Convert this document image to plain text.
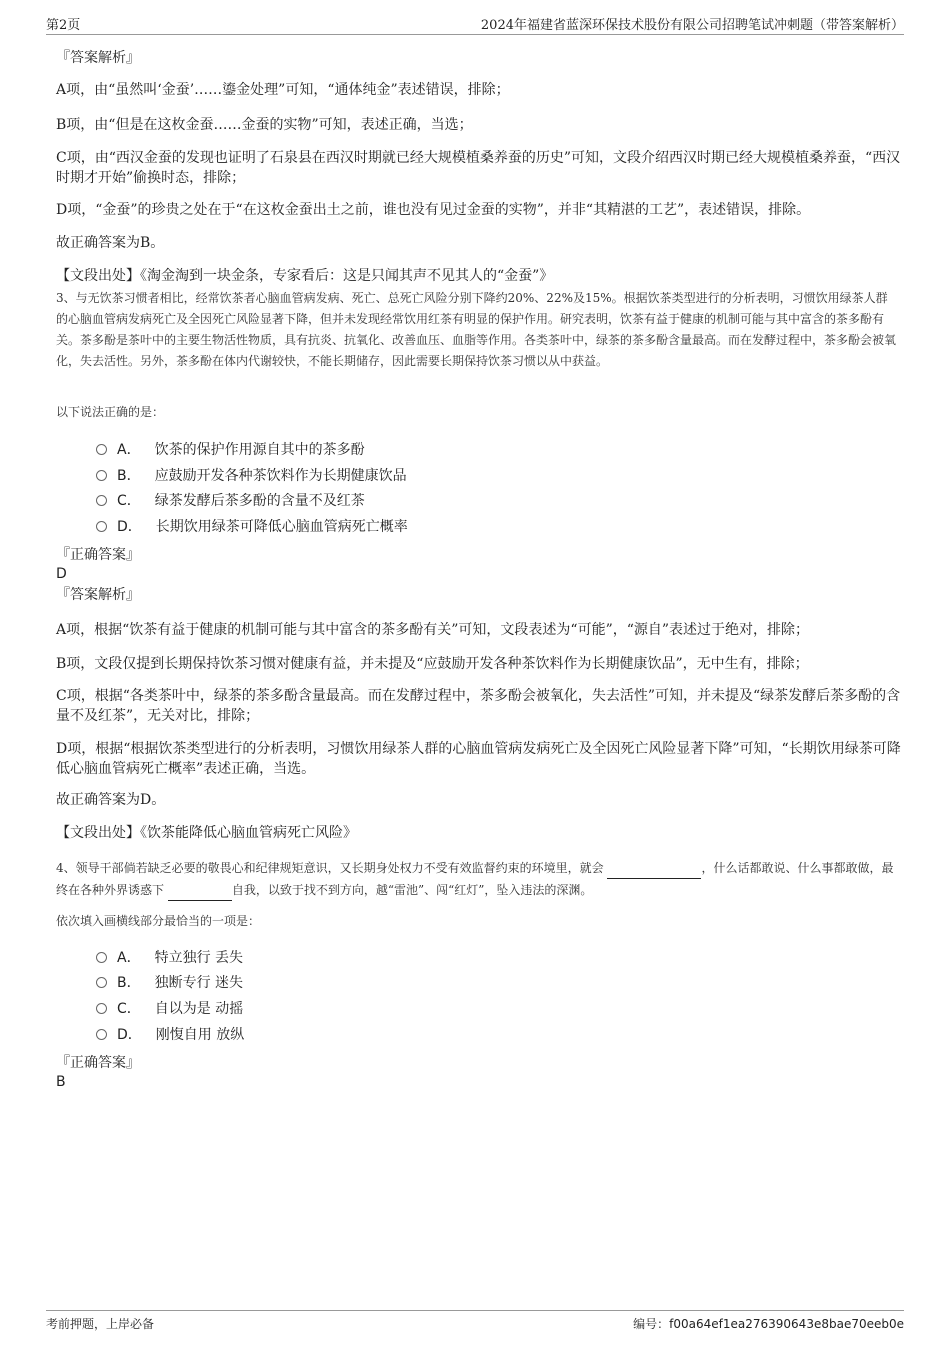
第2页	2024年福建省蓝深环保技术股份有限公司招聘笔试冲刺题（带答案解析）
『答案解析』
A项，由“虽然叫‘金蚕’……鎏金处理”可知，“通体纯金”表述错误，排除；
B项，由“但是在这枚金蚕……金蚕的实物”可知，表述正确，当选；
C项，由“西汉金蚕的发现也证明了石泉县在西汉时期就已经大规模植桑养蚕的历史”可知，文段介绍西汉时期已经大规模植桑养蚕，“西汉时期才开始”偷换时态，排除；
D项，“金蚕”的珍贵之处在于“在这枚金蚕出土之前，谁也没有见过金蚕的实物”，并非“其精湛的工艺”，表述错误，排除。
故正确答案为B。
【文段出处】《淘金淘到一块金条，专家看后：这是只闻其声不见其人的“金蚕”》
3、与无饮茶习惯者相比，经常饮茶者心脑血管病发病、死亡、总死亡风险分别下降约20%、22%及15%。根据饮茶类型进行的分析表明，习惯饮用绿茶人群的心脑血管病发病死亡及全因死亡风险显著下降，但并未发现经常饮用红茶有明显的保护作用。研究表明，饮茶有益于健康的机制可能与其中富含的茶多酚有关。茶多酚是茶叶中的主要生物活性物质，具有抗炎、抗氧化、改善血压、血脂等作用。各类茶叶中，绿茶的茶多酚含量最高。而在发酵过程中，茶多酚会被氧化，失去活性。另外，茶多酚在体内代谢较快，不能长期储存，因此需要长期保持饮茶习惯以从中获益。
以下说法正确的是：
A． 饮茶的保护作用源自其中的茶多酚
B． 应鼓励开发各种茶饮料作为长期健康饮品
C． 绿茶发酵后茶多酚的含量不及红茶
D． 长期饮用绿茶可降低心脑血管病死亡概率
『正确答案』
D
『答案解析』
A项，根据“饮茶有益于健康的机制可能与其中富含的茶多酚有关”可知，文段表述为“可能”，“源自”表述过于绝对，排除；
B项，文段仅提到长期保持饮茶习惯对健康有益，并未提及“应鼓励开发各种茶饮料作为长期健康饮品”，无中生有，排除；
C项，根据“各类茶叶中，绿茶的茶多酚含量最高。而在发酵过程中，茶多酚会被氧化，失去活性”可知，并未提及“绿茶发酵后茶多酚的含量不及红茶”，无关对比，排除；
D项，根据“根据饮茶类型进行的分析表明，习惯饮用绿茶人群的心脑血管病发病死亡及全因死亡风险显著下降”可知，“长期饮用绿茶可降低心脑血管病死亡概率”表述正确，当选。
故正确答案为D。
【文段出处】《饮茶能降低心脑血管病死亡风险》
4、领导干部倘若缺乏必要的敬畏心和纪律规矩意识，又长期身处权力不受有效监督约束的环境里，就会	，什么话都敢说、什么事都敢做，最终在各种外界诱惑下	自我，以致于找不到方向，越“雷池”、闯“红灯”，坠入违法的深渊。
依次填入画横线部分最恰当的一项是：
A． 特立独行 丢失
B． 独断专行 迷失
C． 自以为是 动摇
D． 刚愎自用 放纵
『正确答案』
B
考前押题，上岸必备	编号：f00a64ef1ea276390643e8bae70eeb0e
